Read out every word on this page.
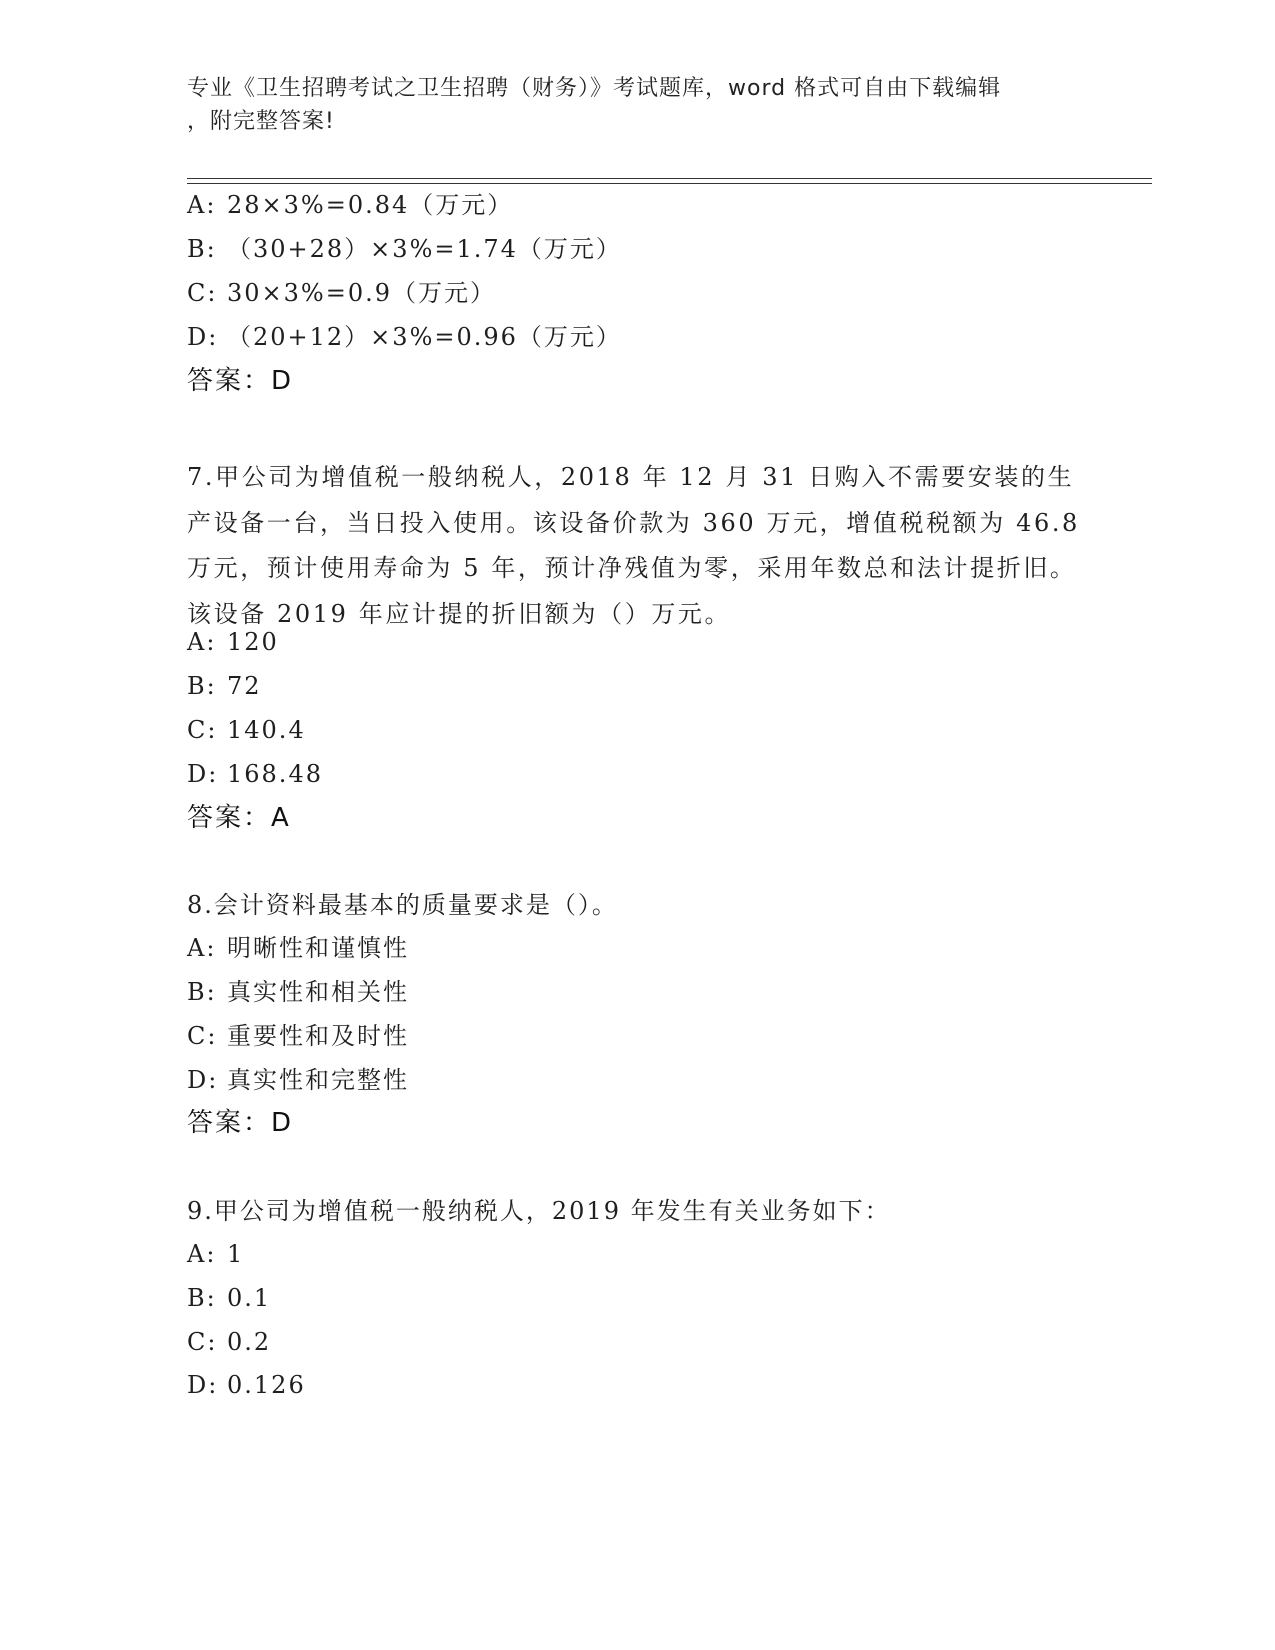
专业《卫生招聘考试之卫生招聘（财务）》考试题库，word 格式可自由下载编辑
，附完整答案!
A: 28×3%=0.84（万元）
B: （30+28）×3%=1.74（万元）
C: 30×3%=0.9（万元）
D: （20+12）×3%=0.96（万元）
答案：D
7.甲公司为增值税一般纳税人，2018 年 12 月 31 日购入不需要安装的生产设备一台，当日投入使用。该设备价款为 360 万元，增值税税额为 46.8 万元，预计使用寿命为 5 年，预计净残值为零，采用年数总和法计提折旧。该设备 2019 年应计提的折旧额为（）万元。
A: 120
B: 72
C: 140.4
D: 168.48
答案：A
8.会计资料最基本的质量要求是（）。
A: 明晰性和谨慎性
B: 真实性和相关性
C: 重要性和及时性
D: 真实性和完整性
答案：D
9.甲公司为增值税一般纳税人，2019 年发生有关业务如下：
A: 1
B: 0.1
C: 0.2
D: 0.126
